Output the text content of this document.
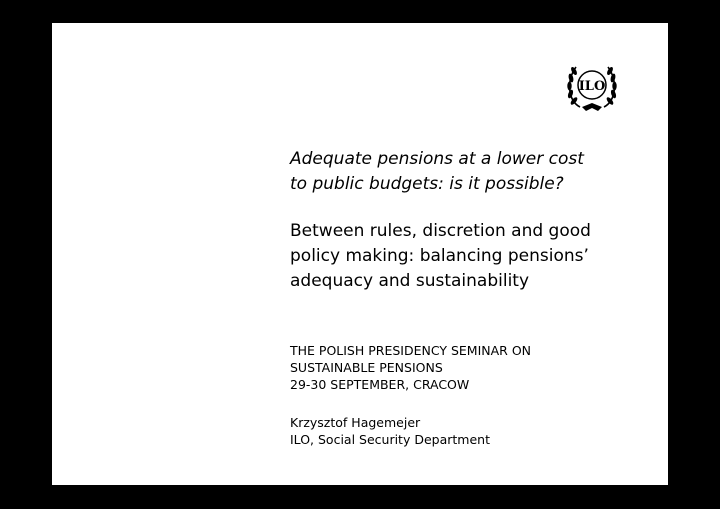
ILO
Adequate pensions at a lower cost
to public budgets: is it possible?
Between rules, discretion and good
policy making: balancing pensions’
adequacy and sustainability
THE POLISH PRESIDENCY SEMINAR ON
SUSTAINABLE PENSIONS
29-30 SEPTEMBER, CRACOW
Krzysztof Hagemejer
ILO, Social Security Department
